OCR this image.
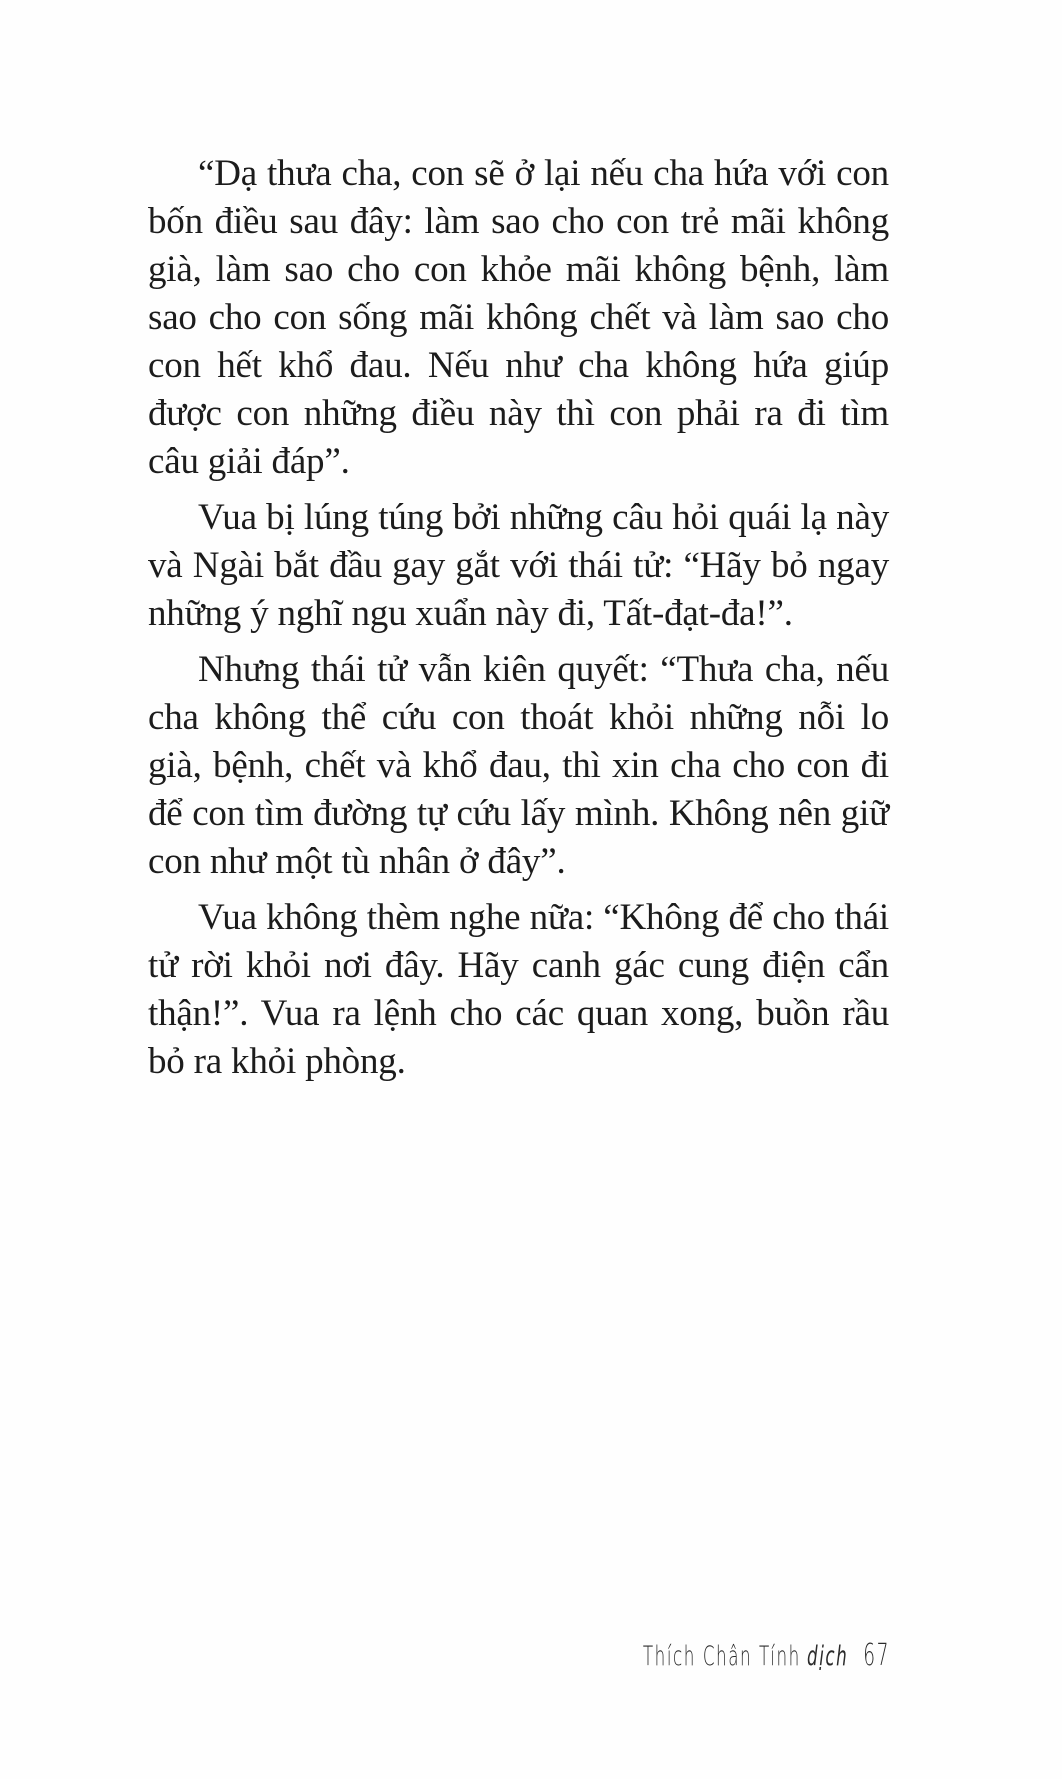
“Dạ thưa cha, con sẽ ở lại nếu cha hứa với con bốn điều sau đây: làm sao cho con trẻ mãi không già, làm sao cho con khỏe mãi không bệnh, làm sao cho con sống mãi không chết và làm sao cho con hết khổ đau. Nếu như cha không hứa giúp được con những điều này thì con phải ra đi tìm câu giải đáp”.

Vua bị lúng túng bởi những câu hỏi quái lạ này và Ngài bắt đầu gay gắt với thái tử: “Hãy bỏ ngay những ý nghĩ ngu xuẩn này đi, Tất-đạt-đa!”.

Nhưng thái tử vẫn kiên quyết: “Thưa cha, nếu cha không thể cứu con thoát khỏi những nỗi lo già, bệnh, chết và khổ đau, thì xin cha cho con đi để con tìm đường tự cứu lấy mình. Không nên giữ con như một tù nhân ở đây”.

Vua không thèm nghe nữa: “Không để cho thái tử rời khỏi nơi đây. Hãy canh gác cung điện cẩn thận!”. Vua ra lệnh cho các quan xong, buồn rầu bỏ ra khỏi phòng.

Thích Chân Tính dịch 67
